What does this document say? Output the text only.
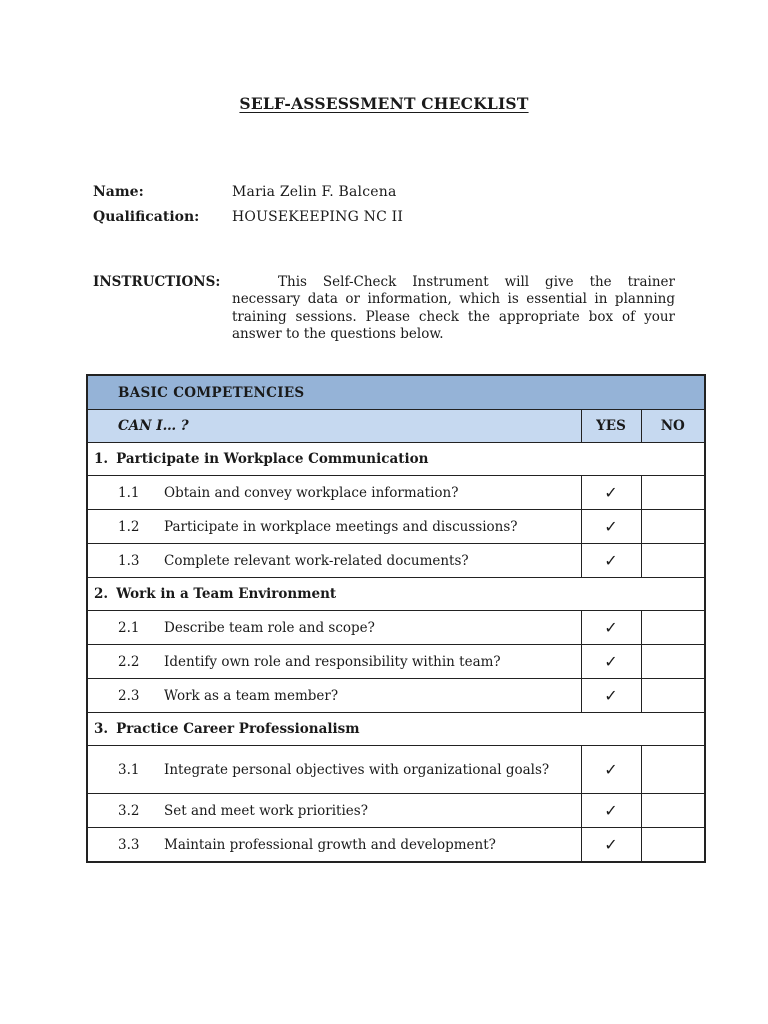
SELF-ASSESSMENT CHECKLIST
Name:	Maria Zelin F. Balcena
Qualification: HOUSEKEEPING NC II
INSTRUCTIONS:	This Self-Check Instrument will give the trainer necessary data or information, which is essential in planning training sessions. Please check the appropriate box of your answer to the questions below.
BASIC COMPETENCIES		
CAN I… ?	YES	NO
1. Participate in Workplace Communication		

1.1 Obtain and convey workplace information?	✓	

1.2 Participate in workplace meetings and discussions?	✓	

1.3 Complete relevant work-related documents?	✓	
2. Work in a Team Environment		

2.1 Describe team role and scope?	✓	

2.2 Identify own role and responsibility within team?	✓	

2.3 Work as a team member?	✓	
3. Practice Career Professionalism		

3.1 Integrate personal objectives with organizational goals?	✓	

3.2 Set and meet work priorities?	✓	

3.3 Maintain professional growth and development?	✓	
